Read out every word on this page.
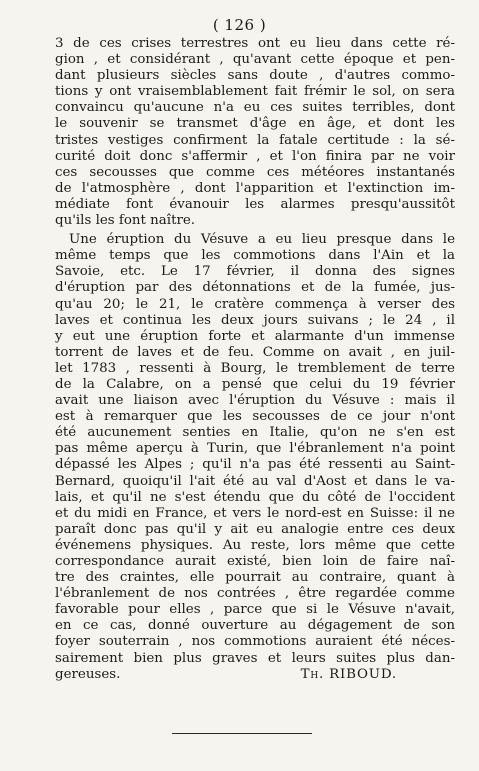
( 126 )
3 de ces crises terrestres ont eu lieu dans cette ré-
gion , et considérant , qu'avant cette époque et pen-
dant plusieurs siècles sans doute , d'autres commo-
tions y ont vraisemblablement fait frémir le sol, on sera
convaincu qu'aucune n'a eu ces suites terribles, dont
le souvenir se transmet d'âge en âge, et dont les
tristes vestiges confirment la fatale certitude : la sé-
curité doit donc s'affermir , et l'on finira par ne voir
ces secousses que comme ces météores instantanés
de l'atmosphère , dont l'apparition et l'extinction im-
médiate font évanouir les alarmes presqu'aussitôt
qu'ils les font naître.
Une éruption du Vésuve a eu lieu presque dans le
même temps que les commotions dans l'Ain et la
Savoie, etc. Le 17 février, il donna des signes
d'éruption par des détonnations et de la fumée, jus-
qu'au 20; le 21, le cratère commença à verser des
laves et continua les deux jours suivans ; le 24 , il
y eut une éruption forte et alarmante d'un immense
torrent de laves et de feu. Comme on avait , en juil-
let 1783 , ressenti à Bourg, le tremblement de terre
de la Calabre, on a pensé que celui du 19 février
avait une liaison avec l'éruption du Vésuve : mais il
est à remarquer que les secousses de ce jour n'ont
été aucunement senties en Italie, qu'on ne s'en est
pas même aperçu à Turin, que l'ébranlement n'a point
dépassé les Alpes ; qu'il n'a pas été ressenti au Saint-
Bernard, quoiqu'il l'ait été au val d'Aost et dans le va-
lais, et qu'il ne s'est étendu que du côté de l'occident
et du midi en France, et vers le nord-est en Suisse: il ne
paraît donc pas qu'il y ait eu analogie entre ces deux
événemens physiques. Au reste, lors même que cette
correspondance aurait existé, bien loin de faire naî-
tre des craintes, elle pourrait au contraire, quant à
l'ébranlement de nos contrées , être regardée comme
favorable pour elles , parce que si le Vésuve n'avait,
en ce cas, donné ouverture au dégagement de son
foyer souterrain , nos commotions auraient été néces-
sairement bien plus graves et leurs suites plus dan-
gereuses.	Th. RIBOUD.
